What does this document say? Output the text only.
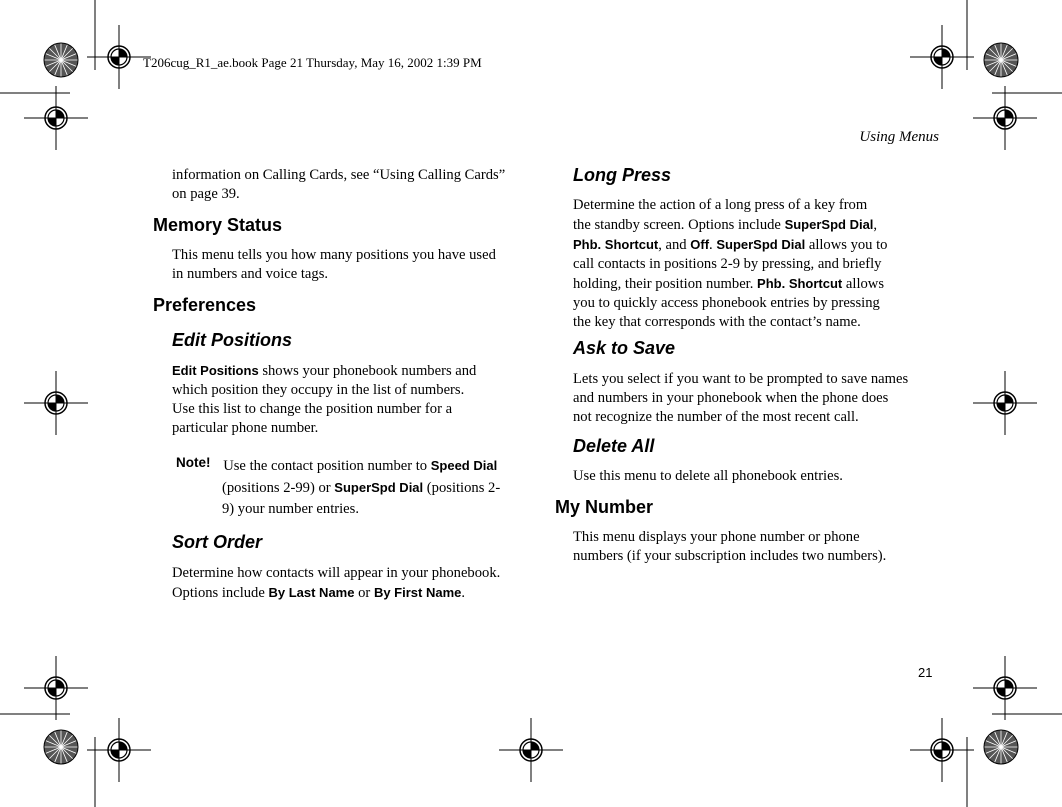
T206cug_R1_ae.book Page 21 Thursday, May 16, 2002 1:39 PM
Using Menus
information on Calling Cards, see “Using Calling Cards”
on page 39.
Memory Status
This menu tells you how many positions you have used
in numbers and voice tags.
Preferences
Edit Positions
Edit Positions shows your phonebook numbers and
which position they occupy in the list of numbers.
Use this list to change the position number for a
particular phone number.
Note!
  Use the contact position number to Speed Dial
(positions 2-99) or SuperSpd Dial (positions 2-
9) your number entries.
Sort Order
Determine how contacts will appear in your phonebook.
Options include By Last Name or By First Name.
Long Press
Determine the action of a long press of a key from
the standby screen. Options include SuperSpd Dial,
Phb. Shortcut, and Off. SuperSpd Dial allows you to
call contacts in positions 2-9 by pressing, and briefly
holding, their position number. Phb. Shortcut allows
you to quickly access phonebook entries by pressing
the key that corresponds with the contact’s name.
Ask to Save
Lets you select if you want to be prompted to save names
and numbers in your phonebook when the phone does
not recognize the number of the most recent call.
Delete All
Use this menu to delete all phonebook entries.
My Number
This menu displays your phone number or phone
numbers (if your subscription includes two numbers).
21
